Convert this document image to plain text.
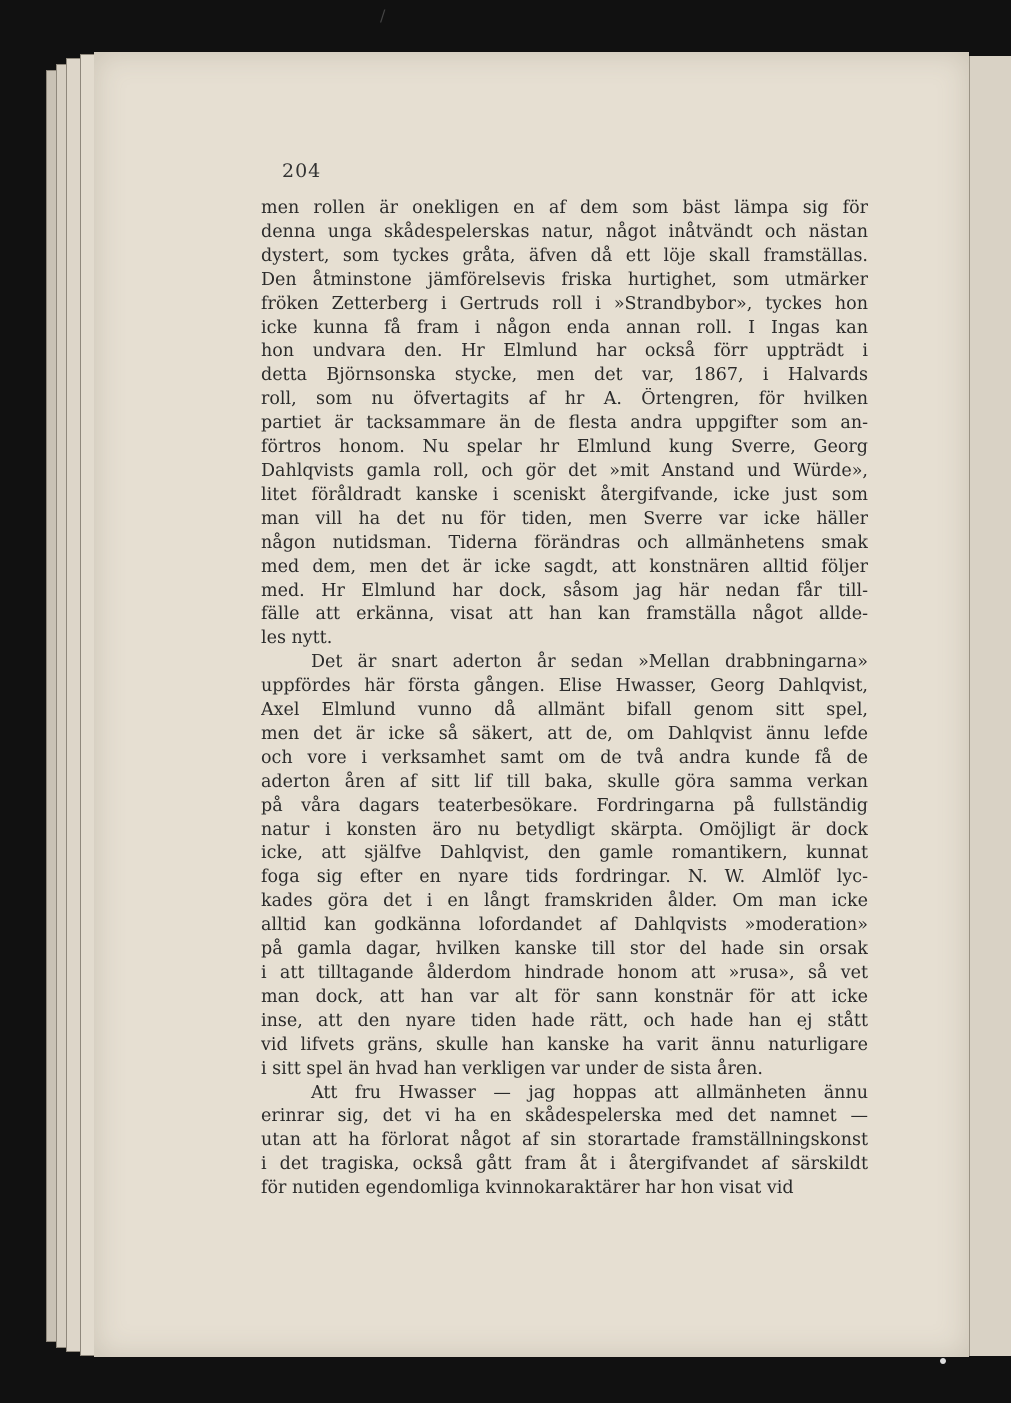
/
204

men rollen är onekligen en af dem som bäst lämpa sig för
denna unga skådespelerskas natur, något inåtvändt och nästan
dystert, som tyckes gråta, äfven då ett löje skall framställas.
Den åtminstone jämförelsevis friska hurtighet, som utmärker
fröken Zetterberg i Gertruds roll i »Strandbybor», tyckes hon
icke kunna få fram i någon enda annan roll. I Ingas kan
hon undvara den. Hr Elmlund har också förr uppträdt i
detta Björnsonska stycke, men det var, 1867, i Halvards
roll, som nu öfvertagits af hr A. Örtengren, för hvilken
partiet är tacksammare än de flesta andra uppgifter som an-
förtros honom. Nu spelar hr Elmlund kung Sverre, Georg
Dahlqvists gamla roll, och gör det »mit Anstand und Würde»,
litet föråldradt kanske i sceniskt återgifvande, icke just som
man vill ha det nu för tiden, men Sverre var icke häller
någon nutidsman. Tiderna förändras och allmänhetens smak
med dem, men det är icke sagdt, att konstnären alltid följer
med. Hr Elmlund har dock, såsom jag här nedan får till-
fälle att erkänna, visat att han kan framställa något allde-
les nytt.

Det är snart aderton år sedan »Mellan drabbningarna»
uppfördes här första gången. Elise Hwasser, Georg Dahlqvist,
Axel Elmlund vunno då allmänt bifall genom sitt spel,
men det är icke så säkert, att de, om Dahlqvist ännu lefde
och vore i verksamhet samt om de två andra kunde få de
aderton åren af sitt lif till baka, skulle göra samma verkan
på våra dagars teaterbesökare. Fordringarna på fullständig
natur i konsten äro nu betydligt skärpta. Omöjligt är dock
icke, att själfve Dahlqvist, den gamle romantikern, kunnat
foga sig efter en nyare tids fordringar. N. W. Almlöf lyc-
kades göra det i en långt framskriden ålder. Om man icke
alltid kan godkänna lofordandet af Dahlqvists »moderation»
på gamla dagar, hvilken kanske till stor del hade sin orsak
i att tilltagande ålderdom hindrade honom att »rusa», så vet
man dock, att han var alt för sann konstnär för att icke
inse, att den nyare tiden hade rätt, och hade han ej stått
vid lifvets gräns, skulle han kanske ha varit ännu naturligare
i sitt spel än hvad han verkligen var under de sista åren.

Att fru Hwasser — jag hoppas att allmänheten ännu
erinrar sig, det vi ha en skådespelerska med det namnet —
utan att ha förlorat något af sin storartade framställningskonst
i det tragiska, också gått fram åt i återgifvandet af särskildt
för nutiden egendomliga kvinnokaraktärer har hon visat vid
